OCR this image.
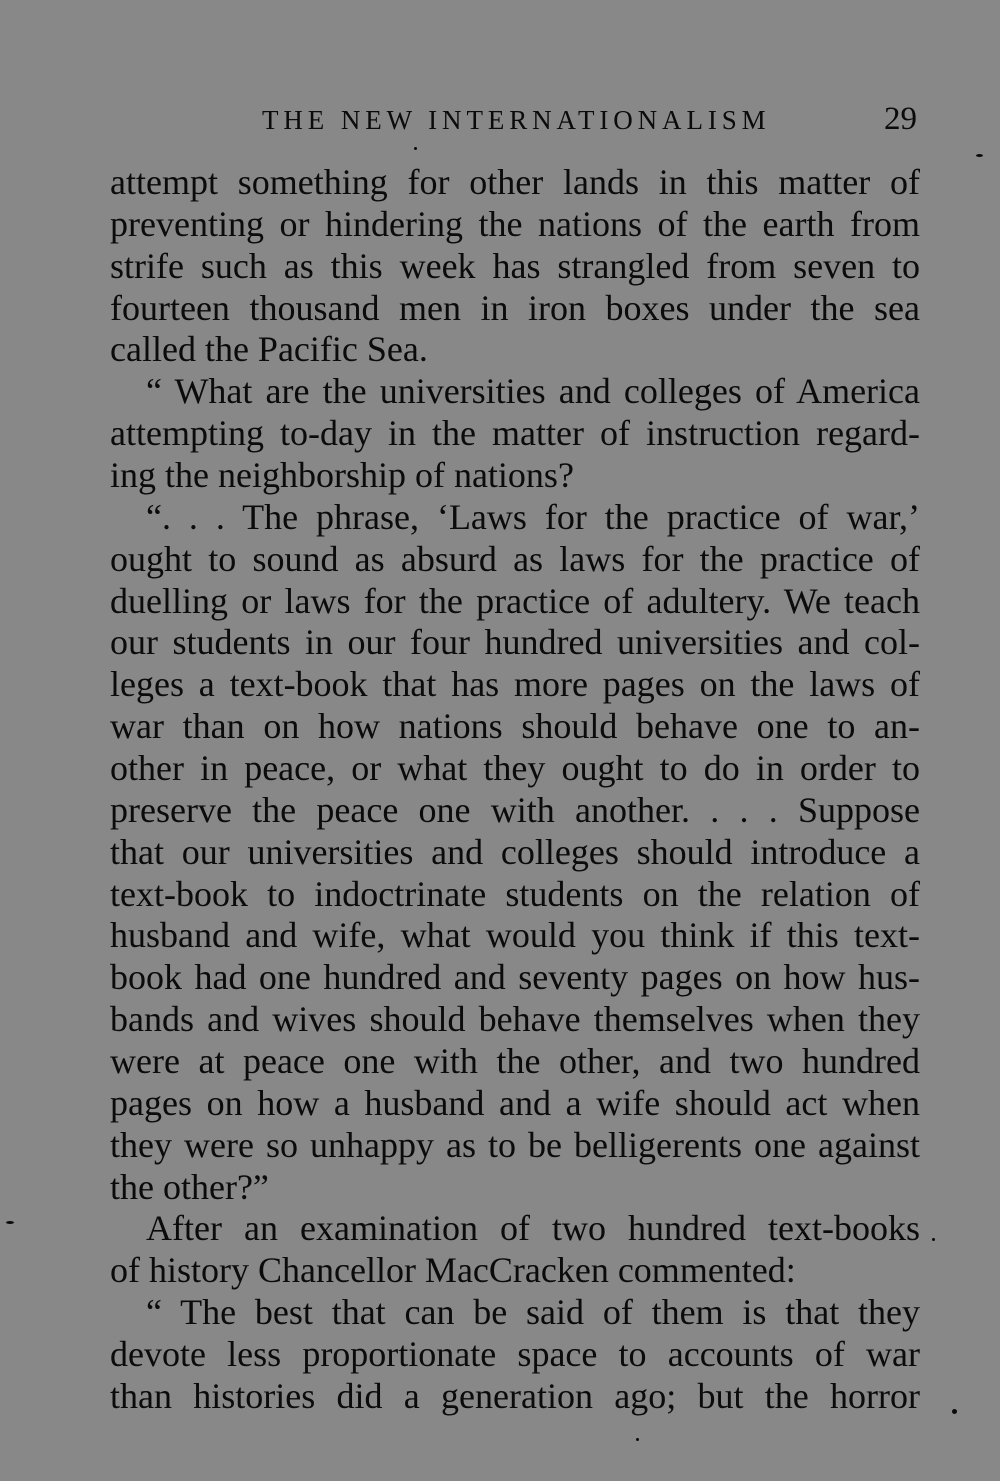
THE NEW INTERNATIONALISM	29
attempt something for other lands in this matter of
preventing or hindering the nations of the earth from
strife such as this week has strangled from seven to
fourteen thousand men in iron boxes under the sea
called the Pacific Sea.
“ What are the universities and colleges of America
attempting to-day in the matter of instruction regard-
ing the neighborship of nations?
“. . . The phrase, ‘Laws for the practice of war,’
ought to sound as absurd as laws for the practice of
duelling or laws for the practice of adultery. We teach
our students in our four hundred universities and col-
leges a text-book that has more pages on the laws of
war than on how nations should behave one to an-
other in peace, or what they ought to do in order to
preserve the peace one with another. . . . Suppose
that our universities and colleges should introduce a
text-book to indoctrinate students on the relation of
husband and wife, what would you think if this text-
book had one hundred and seventy pages on how hus-
bands and wives should behave themselves when they
were at peace one with the other, and two hundred
pages on how a husband and a wife should act when
they were so unhappy as to be belligerents one against
the other?”
After an examination of two hundred text-books
of history Chancellor MacCracken commented:
“ The best that can be said of them is that they
devote less proportionate space to accounts of war
than histories did a generation ago; but the horror
